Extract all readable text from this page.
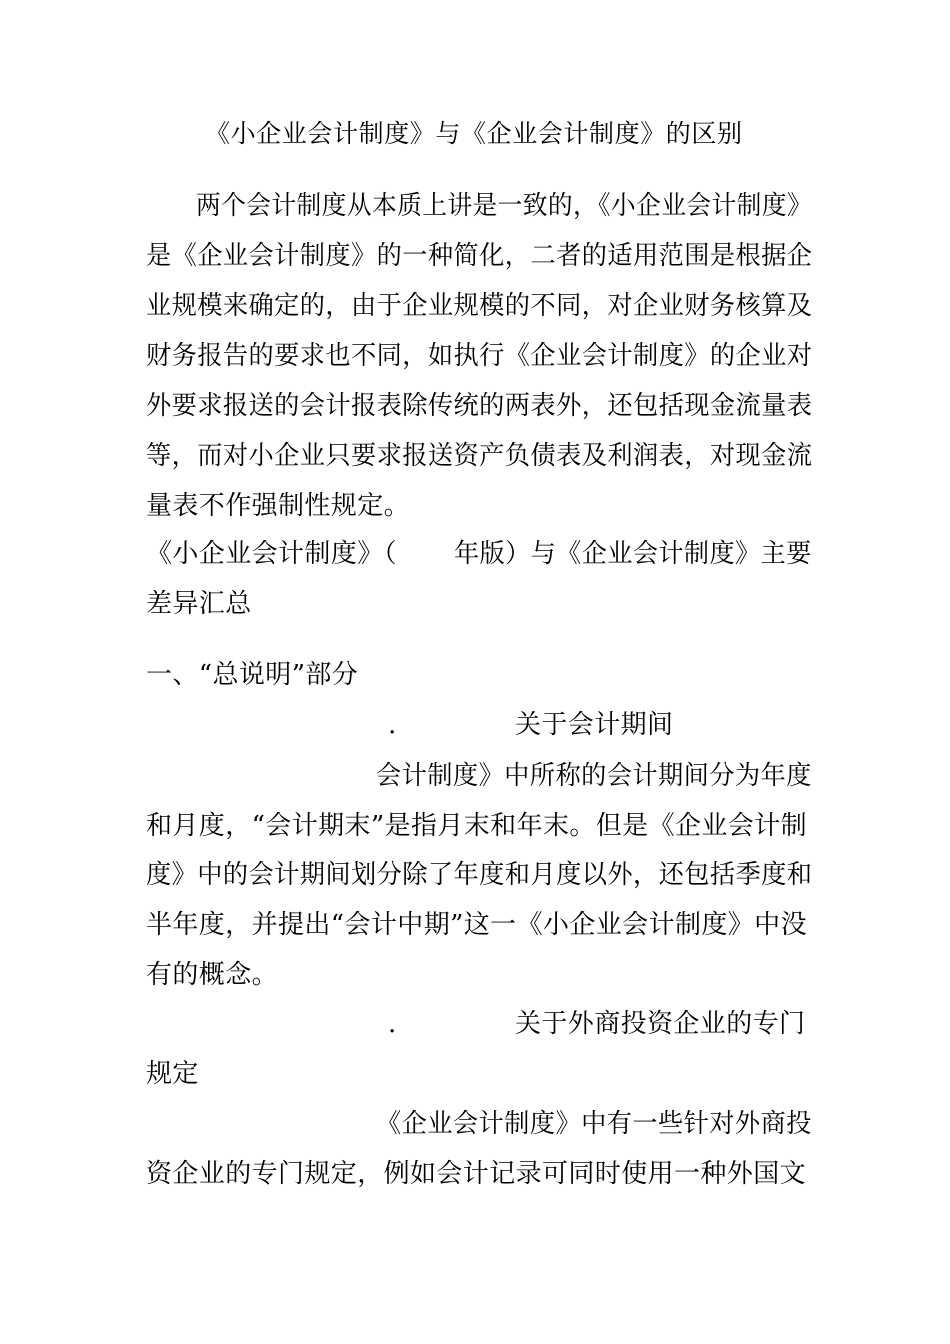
《小企业会计制度》与《企业会计制度》的区别
两个会计制度从本质上讲是一致的，《小企业会计制度》
是《企业会计制度》的一种简化，二者的适用范围是根据企
业规模来确定的，由于企业规模的不同，对企业财务核算及
财务报告的要求也不同，如执行《企业会计制度》的企业对
外要求报送的会计报表除传统的两表外，还包括现金流量表
等，而对小企业只要求报送资产负债表及利润表，对现金流
量表不作强制性规定。
《小企业会计制度》（ 年版）与《企业会计制度》主要
差异汇总
一、“总说明”部分
.	关于会计期间
会计制度》中所称的会计期间分为年度
和月度，“会计期末”是指月末和年末。但是《企业会计制
度》中的会计期间划分除了年度和月度以外，还包括季度和
半年度，并提出“会计中期”这一《小企业会计制度》中没
有的概念。
.	关于外商投资企业的专门
规定
《企业会计制度》中有一些针对外商投
资企业的专门规定，例如会计记录可同时使用一种外国文
